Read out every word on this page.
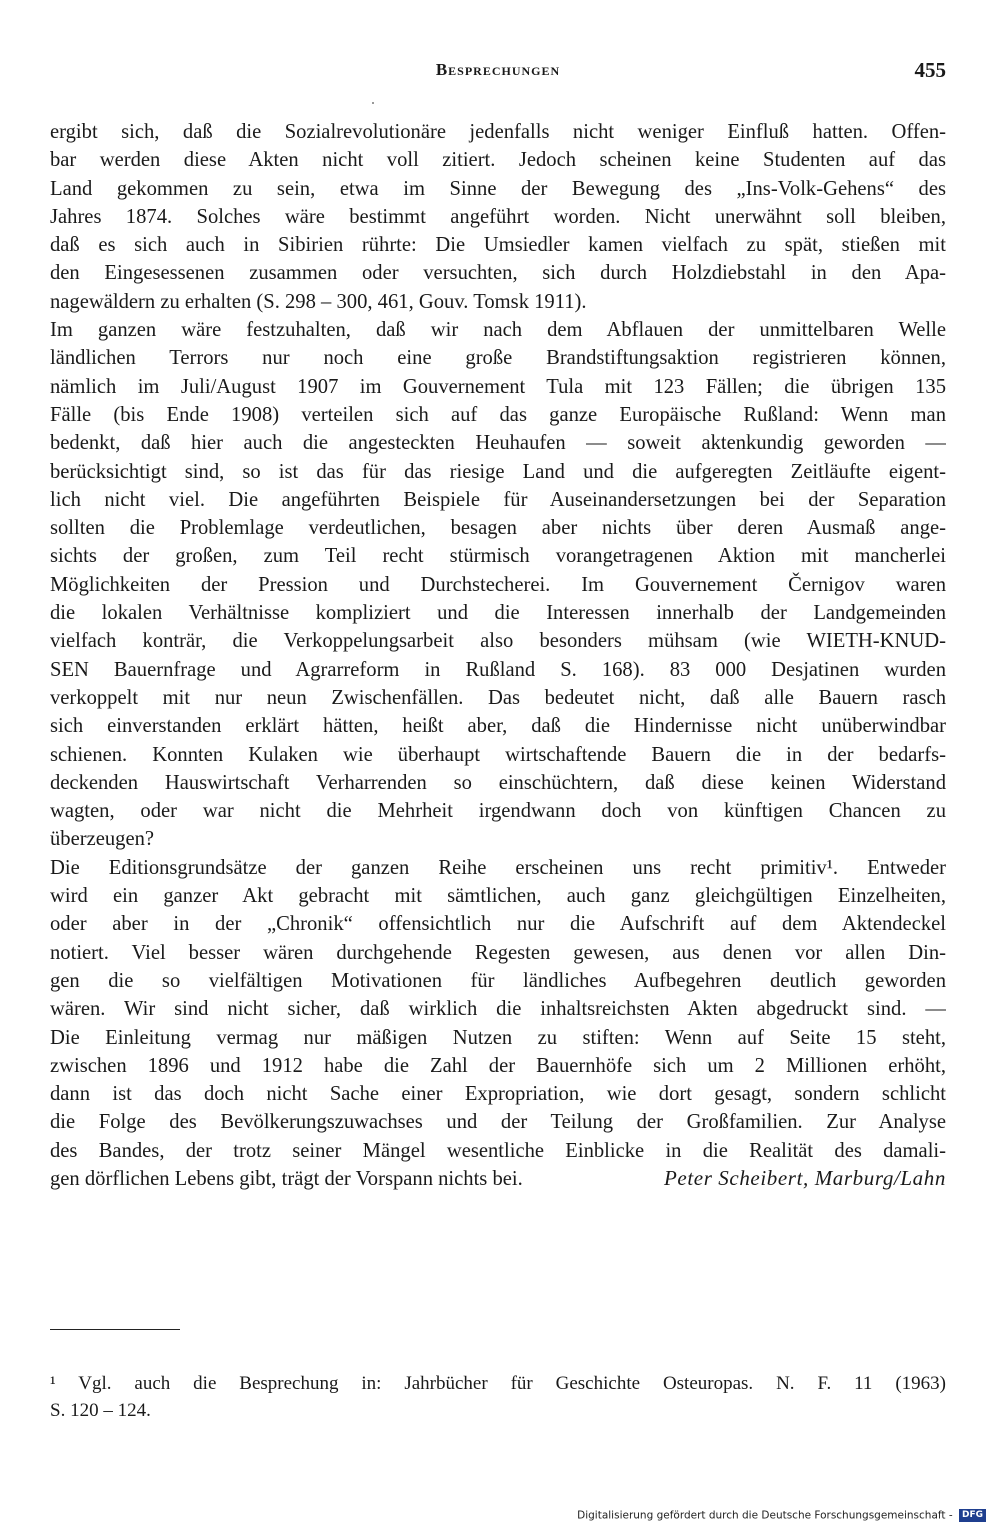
Besprechungen	455
ergibt sich, daß die Sozialrevolutionäre jedenfalls nicht weniger Einfluß hatten. Offen-
bar werden diese Akten nicht voll zitiert. Jedoch scheinen keine Studenten auf das
Land gekommen zu sein, etwa im Sinne der Bewegung des „Ins-Volk-Gehens“ des
Jahres 1874. Solches wäre bestimmt angeführt worden. Nicht unerwähnt soll bleiben,
daß es sich auch in Sibirien rührte: Die Umsiedler kamen vielfach zu spät, stießen mit
den Eingesessenen zusammen oder versuchten, sich durch Holzdiebstahl in den Apa-
nagewäldern zu erhalten (S. 298 – 300, 461, Gouv. Tomsk 1911).
Im ganzen wäre festzuhalten, daß wir nach dem Abflauen der unmittelbaren Welle
ländlichen Terrors nur noch eine große Brandstiftungsaktion registrieren können,
nämlich im Juli/August 1907 im Gouvernement Tula mit 123 Fällen; die übrigen 135
Fälle (bis Ende 1908) verteilen sich auf das ganze Europäische Rußland: Wenn man
bedenkt, daß hier auch die angesteckten Heuhaufen — soweit aktenkundig geworden —
berücksichtigt sind, so ist das für das riesige Land und die aufgeregten Zeitläufte eigent-
lich nicht viel. Die angeführten Beispiele für Auseinandersetzungen bei der Separation
sollten die Problemlage verdeutlichen, besagen aber nichts über deren Ausmaß ange-
sichts der großen, zum Teil recht stürmisch vorangetragenen Aktion mit mancherlei
Möglichkeiten der Pression und Durchstecherei. Im Gouvernement Černigov waren
die lokalen Verhältnisse kompliziert und die Interessen innerhalb der Landgemeinden
vielfach konträr, die Verkoppelungsarbeit also besonders mühsam (wie WIETH-KNUD-
SEN Bauernfrage und Agrarreform in Rußland S. 168). 83 000 Desjatinen wurden
verkoppelt mit nur neun Zwischenfällen. Das bedeutet nicht, daß alle Bauern rasch
sich einverstanden erklärt hätten, heißt aber, daß die Hindernisse nicht unüberwindbar
schienen. Konnten Kulaken wie überhaupt wirtschaftende Bauern die in der bedarfs-
deckenden Hauswirtschaft Verharrenden so einschüchtern, daß diese keinen Widerstand
wagten, oder war nicht die Mehrheit irgendwann doch von künftigen Chancen zu
überzeugen?
Die Editionsgrundsätze der ganzen Reihe erscheinen uns recht primitiv¹. Entweder
wird ein ganzer Akt gebracht mit sämtlichen, auch ganz gleichgültigen Einzelheiten,
oder aber in der „Chronik“ offensichtlich nur die Aufschrift auf dem Aktendeckel
notiert. Viel besser wären durchgehende Regesten gewesen, aus denen vor allen Din-
gen die so vielfältigen Motivationen für ländliches Aufbegehren deutlich geworden
wären. Wir sind nicht sicher, daß wirklich die inhaltsreichsten Akten abgedruckt sind. —
Die Einleitung vermag nur mäßigen Nutzen zu stiften: Wenn auf Seite 15 steht,
zwischen 1896 und 1912 habe die Zahl der Bauernhöfe sich um 2 Millionen erhöht,
dann ist das doch nicht Sache einer Expropriation, wie dort gesagt, sondern schlicht
die Folge des Bevölkerungszuwachses und der Teilung der Großfamilien. Zur Analyse
des Bandes, der trotz seiner Mängel wesentliche Einblicke in die Realität des damali-
gen dörflichen Lebens gibt, trägt der Vorspann nichts bei.	Peter Scheibert, Marburg/Lahn
¹ Vgl. auch die Besprechung in: Jahrbücher für Geschichte Osteuropas. N. F. 11 (1963)
S. 120 – 124.
Digitalisierung gefördert durch die Deutsche Forschungsgemeinschaft - DFG
